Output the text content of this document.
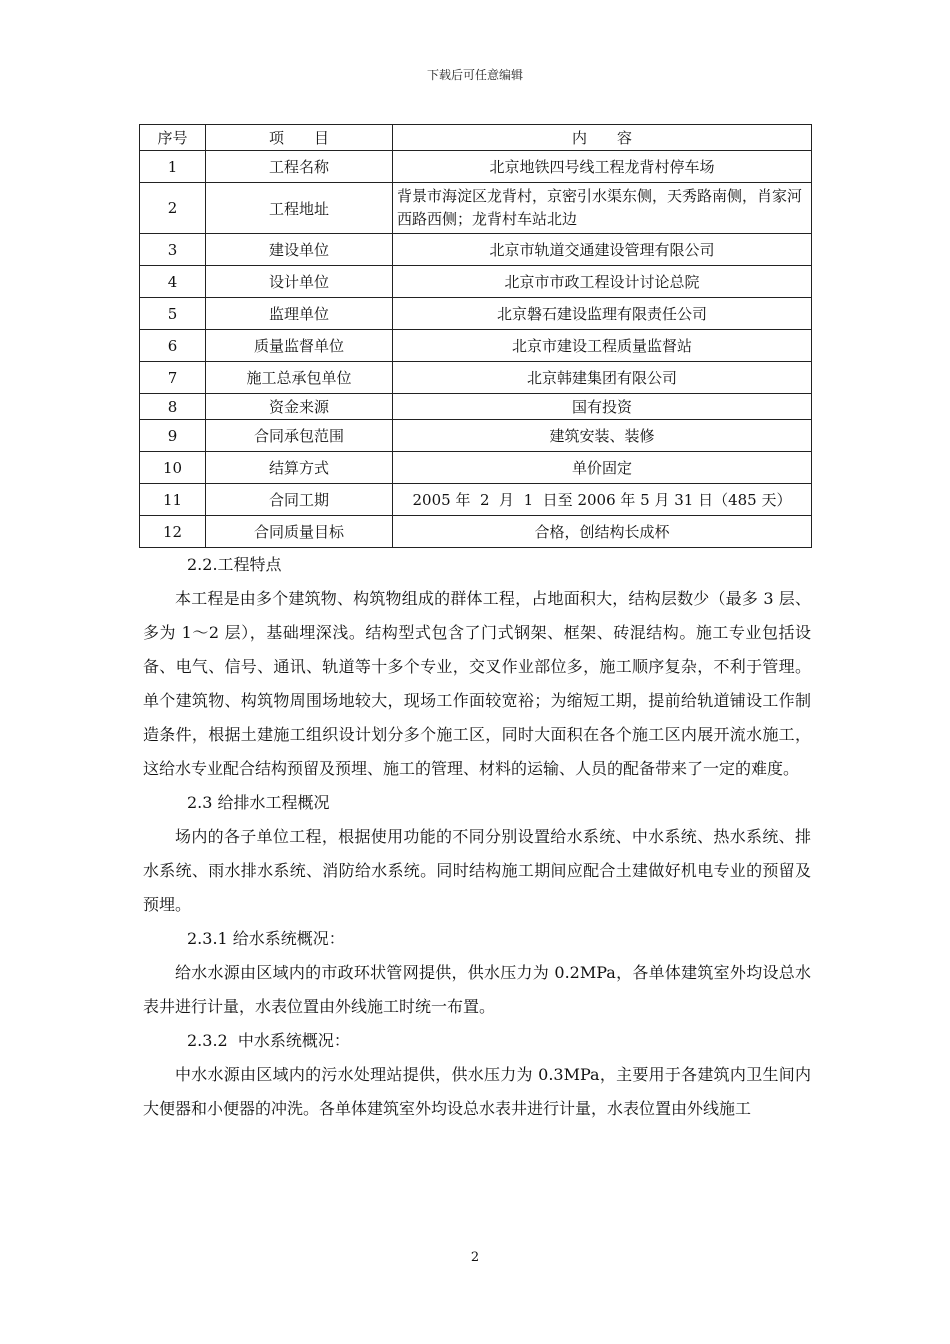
下载后可任意编辑
序号	项　　目	内　　容
1	工程名称	北京地铁四号线工程龙背村停车场
2	工程地址	背景市海淀区龙背村，京密引水渠东侧，天秀路南侧，肖家河西路西侧；龙背村车站北边
3	建设单位	北京市轨道交通建设管理有限公司
4	设计单位	北京市市政工程设计讨论总院
5	监理单位	北京磐石建设监理有限责任公司
6	质量监督单位	北京市建设工程质量监督站
7	施工总承包单位	北京韩建集团有限公司
8	资金来源	国有投资
9	合同承包范围	建筑安装、装修
10	结算方式	单价固定
11	合同工期	2005 年  2  月  1  日至 2006 年 5 月 31 日（485 天）
12	合同质量目标	合格，创结构长成杯

2.2.工程特点

本工程是由多个建筑物、构筑物组成的群体工程，占地面积大，结构层数少（最多 3 层、多为 1～2 层），基础埋深浅。结构型式包含了门式钢架、框架、砖混结构。施工专业包括设备、电气、信号、通讯、轨道等十多个专业，交叉作业部位多，施工顺序复杂，不利于管理。单个建筑物、构筑物周围场地较大，现场工作面较宽裕；为缩短工期，提前给轨道铺设工作制造条件，根据土建施工组织设计划分多个施工区，同时大面积在各个施工区内展开流水施工，这给水专业配合结构预留及预埋、施工的管理、材料的运输、人员的配备带来了一定的难度。

2.3 给排水工程概况

场内的各子单位工程，根据使用功能的不同分别设置给水系统、中水系统、热水系统、排水系统、雨水排水系统、消防给水系统。同时结构施工期间应配合土建做好机电专业的预留及预埋。

2.3.1 给水系统概况：

给水水源由区域内的市政环状管网提供，供水压力为 0.2MPa，各单体建筑室外均设总水表井进行计量，水表位置由外线施工时统一布置。

2.3.2  中水系统概况：

中水水源由区域内的污水处理站提供，供水压力为 0.3MPa，主要用于各建筑内卫生间内大便器和小便器的冲洗。各单体建筑室外均设总水表井进行计量，水表位置由外线施工

2
